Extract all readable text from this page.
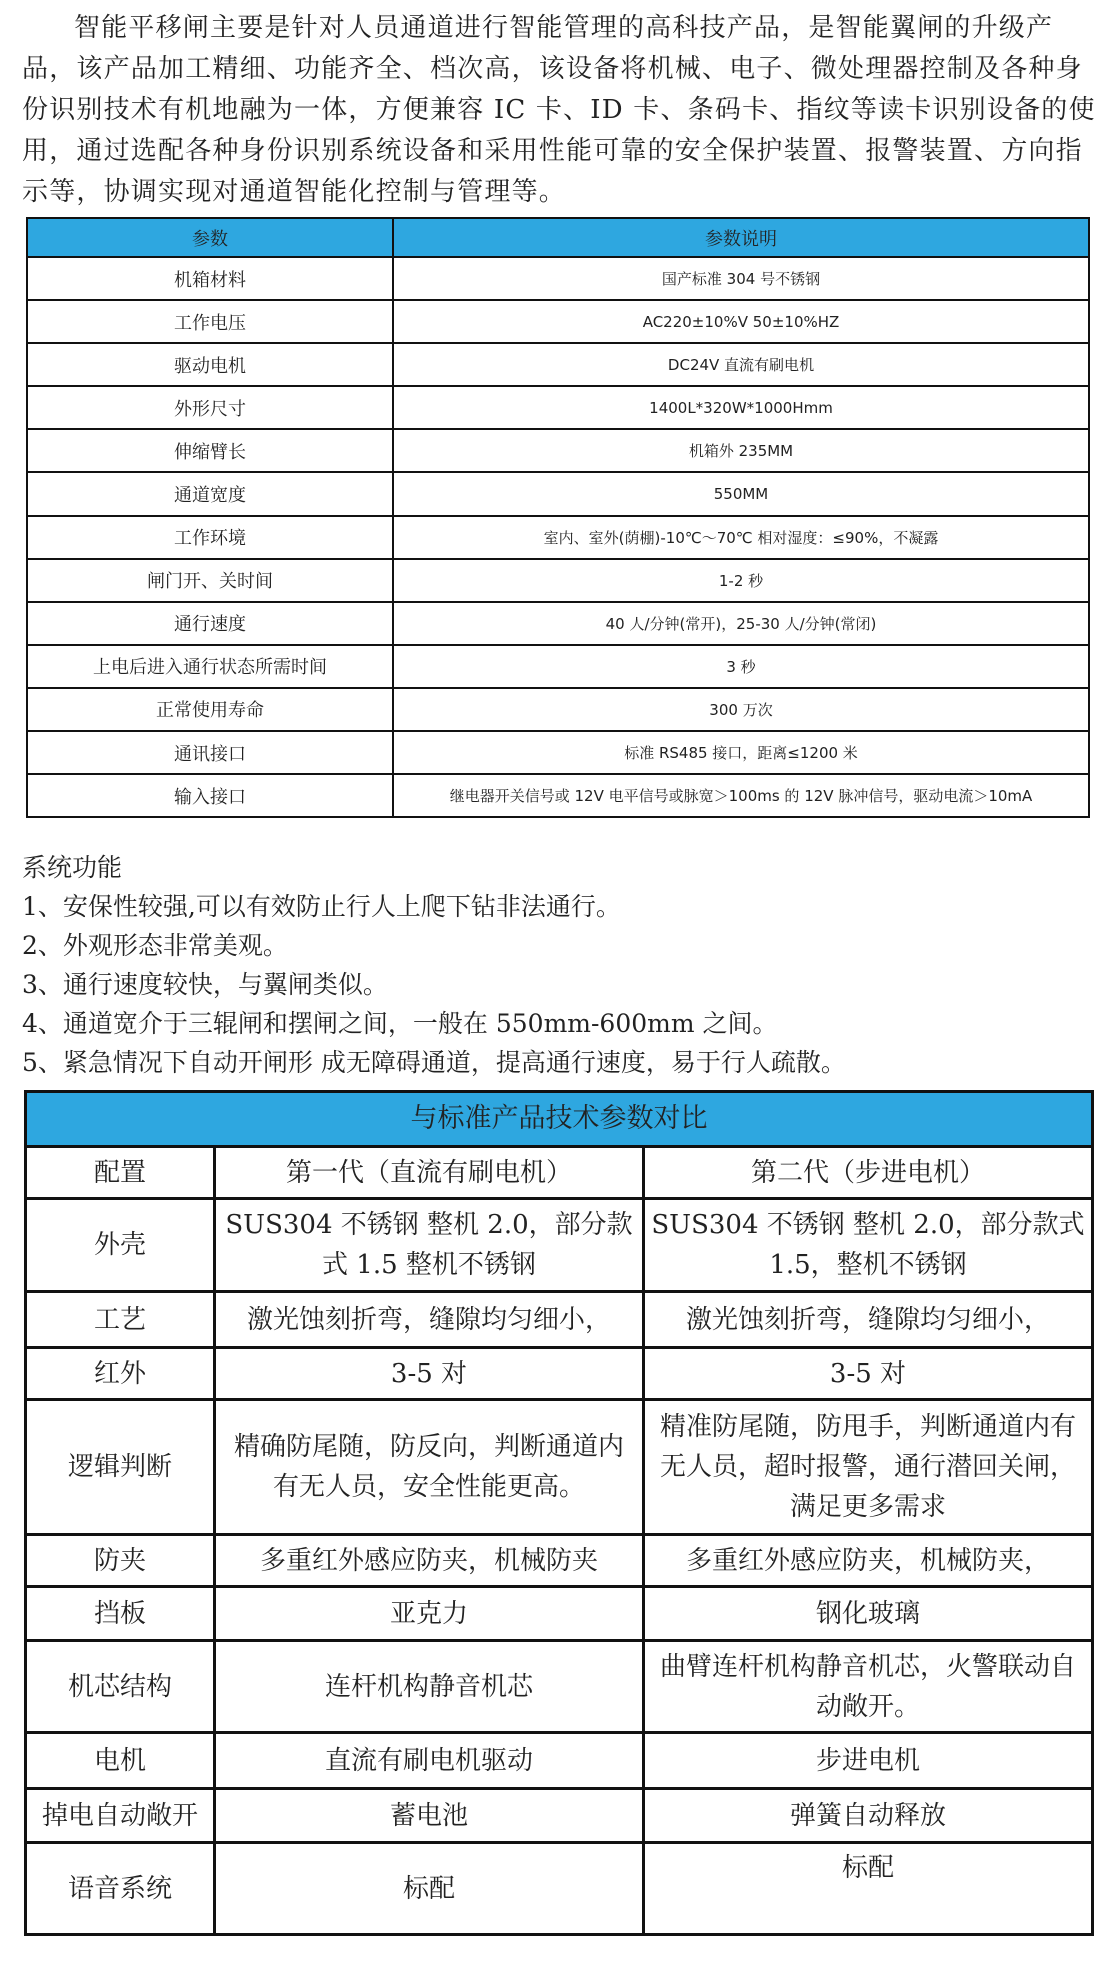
智能平移闸主要是针对人员通道进行智能管理的高科技产品，是智能翼闸的升级产品，该产品加工精细、功能齐全、档次高，该设备将机械、电子、微处理器控制及各种身份识别技术有机地融为一体，方便兼容 IC 卡、ID 卡、条码卡、指纹等读卡识别设备的使用，通过选配各种身份识别系统设备和采用性能可靠的安全保护装置、报警装置、方向指示等，协调实现对通道智能化控制与管理等。

参数	参数说明
机箱材料	国产标准 304 号不锈钢
工作电压	AC220±10%V 50±10%HZ
驱动电机	DC24V 直流有刷电机
外形尺寸	1400L*320W*1000Hmm
伸缩臂长	机箱外 235MM
通道宽度	550MM
工作环境	室内、室外(荫棚)-10℃～70℃ 相对湿度：≤90%，不凝露
闸门开、关时间	1-2 秒
通行速度	40 人/分钟(常开)，25-30 人/分钟(常闭)
上电后进入通行状态所需时间	3 秒
正常使用寿命	300 万次
通讯接口	标准 RS485 接口，距离≤1200 米
输入接口	继电器开关信号或 12V 电平信号或脉宽＞100ms 的 12V 脉冲信号，驱动电流＞10mA
系统功能
1、安保性较强,可以有效防止行人上爬下钻非法通行。
2、外观形态非常美观。
3、通行速度较快，与翼闸类似。
4、通道宽介于三辊闸和摆闸之间，一般在 550mm-600mm 之间。
5、紧急情况下自动开闸形 成无障碍通道，提高通行速度，易于行人疏散。
与标准产品技术参数对比		
配置	第一代（直流有刷电机）	第二代（步进电机）
外壳	SUS304 不锈钢 整机 2.0，部分款式 1.5 整机不锈钢	SUS304 不锈钢 整机 2.0，部分款式 1.5，整机不锈钢
工艺	激光蚀刻折弯，缝隙均匀细小，	激光蚀刻折弯，缝隙均匀细小，
红外	3-5 对	3-5 对
逻辑判断	精确防尾随，防反向，判断通道内有无人员，安全性能更高。	精准防尾随，防甩手，判断通道内有无人员，超时报警，通行潜回关闸，满足更多需求
防夹	多重红外感应防夹，机械防夹	多重红外感应防夹，机械防夹，
挡板	亚克力	钢化玻璃
机芯结构	连杆机构静音机芯	曲臂连杆机构静音机芯，火警联动自动敞开。
电机	直流有刷电机驱动	步进电机
掉电自动敞开	蓄电池	弹簧自动释放
语音系统	标配	标配
